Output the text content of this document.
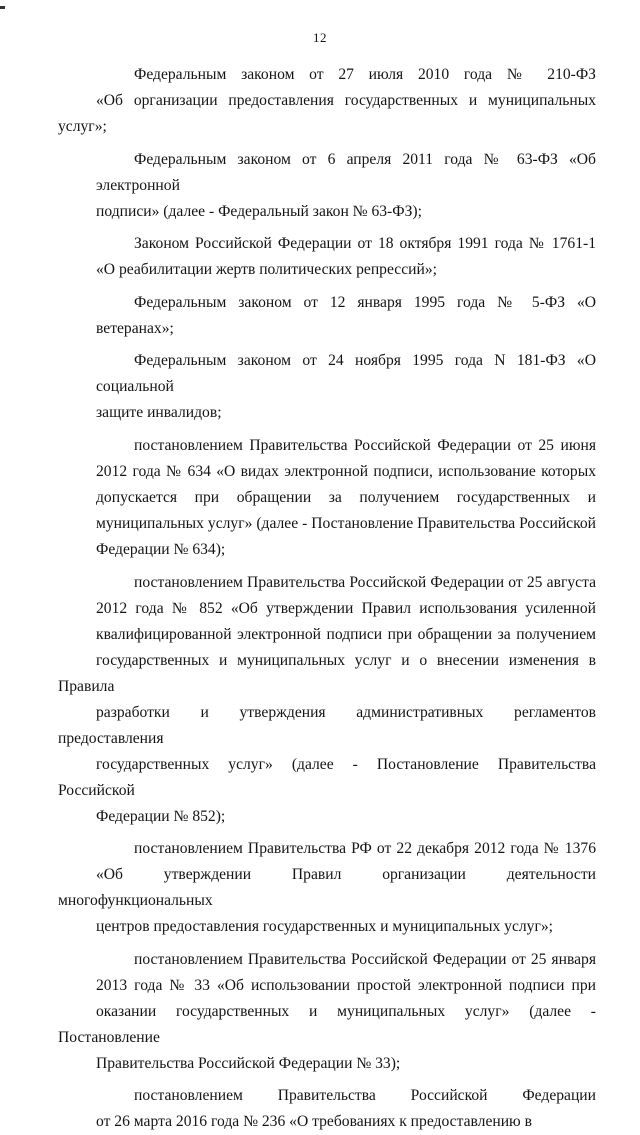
12

Федеральным законом от 27 июля 2010 года № 210-ФЗ
«Об организации предоставления государственных и муниципальных услуг»;

Федеральным законом от 6 апреля 2011 года № 63-ФЗ «Об электронной
подписи» (далее - Федеральный закон № 63-ФЗ);

Законом Российской Федерации от 18 октября 1991 года № 1761-1
«О реабилитации жертв политических репрессий»;

Федеральным законом от 12 января 1995 года № 5-ФЗ «О ветеранах»;

Федеральным законом от 24 ноября 1995 года N 181-ФЗ «О социальной
защите инвалидов;

постановлением Правительства Российской Федерации от 25 июня
2012 года № 634 «О видах электронной подписи, использование которых
допускается при обращении за получением государственных и
муниципальных услуг» (далее - Постановление Правительства Российской
Федерации № 634);

постановлением Правительства Российской Федерации от 25 августа
2012 года № 852 «Об утверждении Правил использования усиленной
квалифицированной электронной подписи при обращении за получением
государственных и муниципальных услуг и о внесении изменения в Правила
разработки и утверждения административных регламентов предоставления
государственных услуг» (далее - Постановление Правительства Российской
Федерации № 852);

постановлением Правительства РФ от 22 декабря 2012 года № 1376
«Об утверждении Правил организации деятельности многофункциональных
центров предоставления государственных и муниципальных услуг»;

постановлением Правительства Российской Федерации от 25 января
2013 года № 33 «Об использовании простой электронной подписи при
оказании государственных и муниципальных услуг» (далее - Постановление
Правительства Российской Федерации № 33);

постановлением Правительства Российской Федерации
от 26 марта 2016 года № 236 «О требованиях к предоставлению в
